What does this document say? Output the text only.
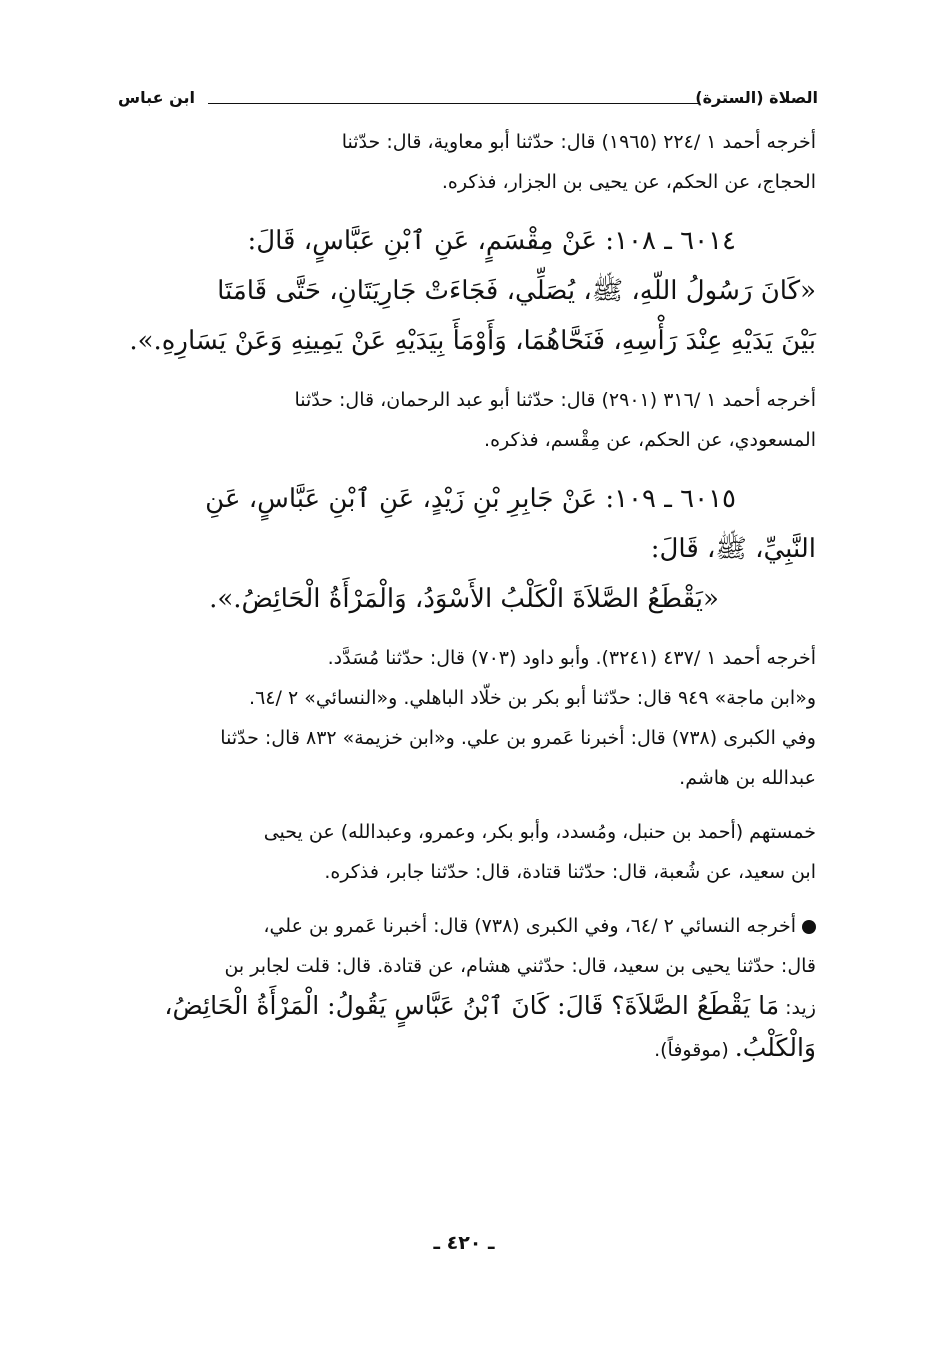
الصلاة (السترة)
ابن عباس

أخرجه أحمد ١ /٢٢٤ (١٩٦٥) قال: حدّثنا أبو معاوية، قال: حدّثنا

الحجاج، عن الحكم، عن يحيى بن الجزار، فذكره.

٦٠١٤ ـ ١٠٨: عَنْ مِقْسَمٍ، عَنِ ٱبْنِ عَبَّاسٍ، قَالَ:

«كَانَ رَسُولُ اللّهِ، ﷺ، يُصَلِّي، فَجَاءَتْ جَارِيَتَانِ، حَتَّى قَامَتَا

بَيْنَ يَدَيْهِ عِنْدَ رَأْسِهِ، فَنَحَّاهُمَا، وَأَوْمَأَ بِيَدَيْهِ عَنْ يَمِينِهِ وَعَنْ يَسَارِهِ.».

أخرجه أحمد ١ /٣١٦ (٢٩٠١) قال: حدّثنا أبو عبد الرحمان، قال: حدّثنا

المسعودي، عن الحكم، عن مِقْسم، فذكره.

٦٠١٥ ـ ١٠٩: عَنْ جَابِرِ بْنِ زَيْدٍ، عَنِ ٱبْنِ عَبَّاسٍ، عَنِ

النَّبِيِّ، ﷺ، قَالَ:

«يَقْطَعُ الصَّلاَةَ الْكَلْبُ الأَسْوَدُ، وَالْمَرْأَةُ الْحَائِضُ.».

أخرجه أحمد ١ /٤٣٧ (٣٢٤١). وأبو داود (٧٠٣) قال: حدّثنا مُسَدَّد.

و«ابن ماجة» ٩٤٩ قال: حدّثنا أبو بكر بن خلّاد الباهلي. و«النسائي» ٢ /٦٤.

وفي الكبرى (٧٣٨) قال: أخبرنا عَمرو بن علي. و«ابن خزيمة» ٨٣٢ قال: حدّثنا

عبدالله بن هاشم.

خمستهم (أحمد بن حنبل، ومُسدد، وأبو بكر، وعمرو، وعبدالله) عن يحيى

ابن سعيد، عن شُعبة، قال: حدّثنا قتادة، قال: حدّثنا جابر، فذكره.

أخرجه النسائي ٢ /٦٤، وفي الكبرى (٧٣٨) قال: أخبرنا عَمرو بن علي،

قال: حدّثنا يحيى بن سعيد، قال: حدّثني هشام، عن قتادة. قال: قلت لجابر بن

زيد: مَا يَقْطَعُ الصَّلاَةَ؟ قَالَ: كَانَ ٱبْنُ عَبَّاسٍ يَقُولُ: الْمَرْأَةُ الْحَائِضُ،

وَالْكَلْبُ. (موقوفاً).

ـ ٤٢٠ ـ
